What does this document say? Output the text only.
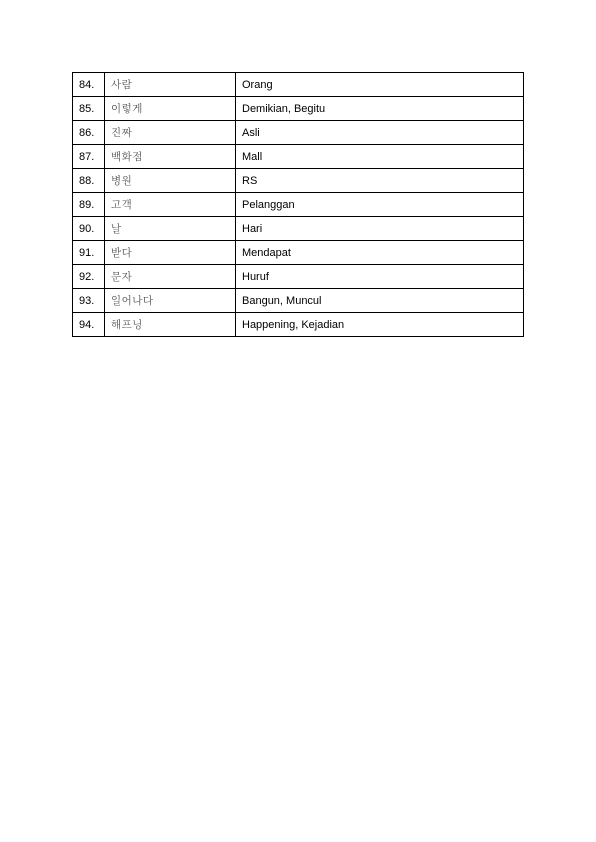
84.	사람	Orang
85.	이렇게	Demikian, Begitu
86.	진짜	Asli
87.	백화점	Mall
88.	병원	RS
89.	고객	Pelanggan
90.	날	Hari
91.	받다	Mendapat
92.	문자	Huruf
93.	일어나다	Bangun, Muncul
94.	해프닝	Happening, Kejadian
